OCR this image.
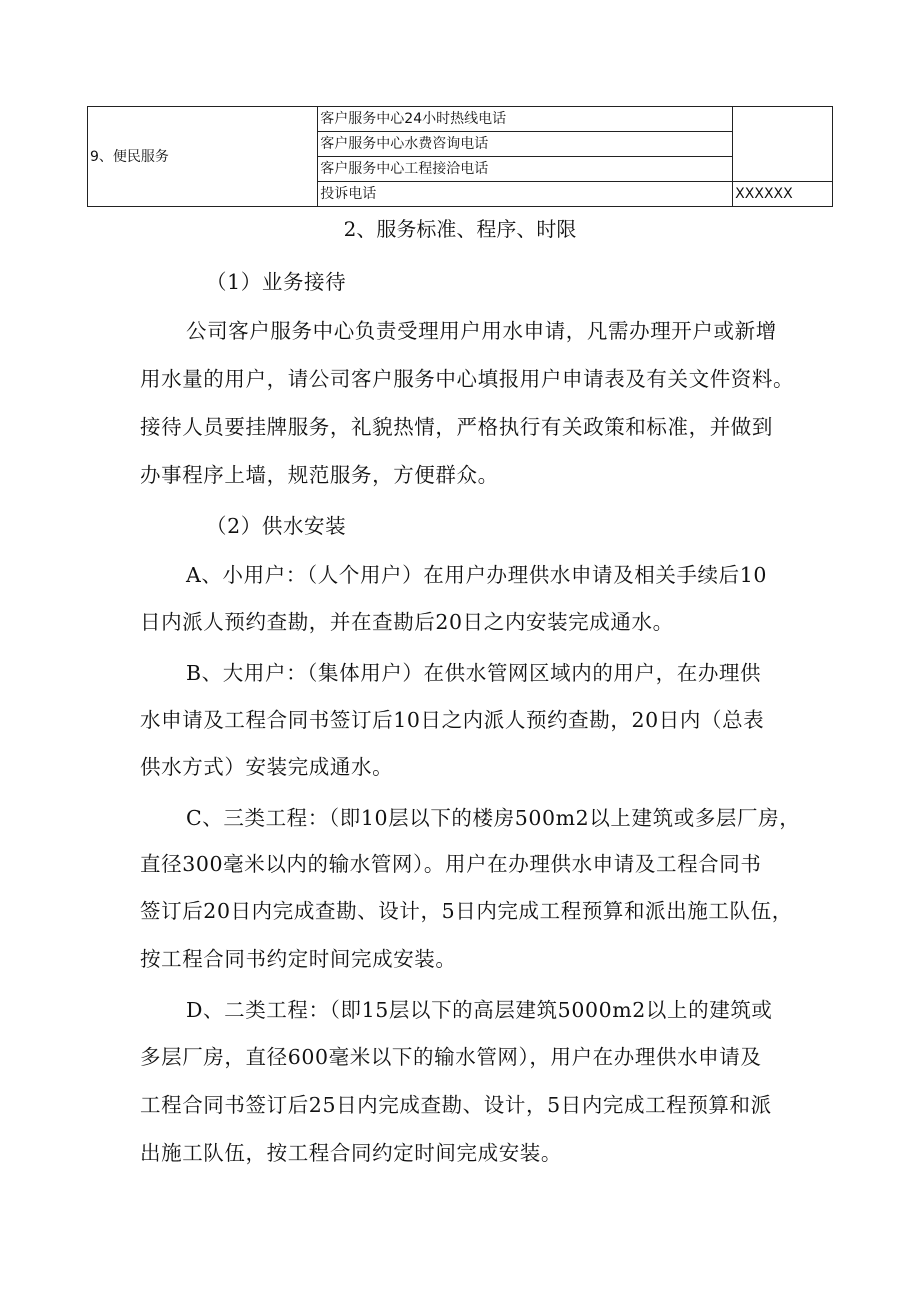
9、便民服务	客户服务中心24小时热线电话	
	客户服务中心水费咨询电话	
	客户服务中心工程接洽电话	
	投诉电话	XXXXXX
2、服务标准、程序、时限
（1）业务接待
公司客户服务中心负责受理用户用水申请，凡需办理开户或新增
用水量的用户，请公司客户服务中心填报用户申请表及有关文件资料。
接待人员要挂牌服务，礼貌热情，严格执行有关政策和标准，并做到
办事程序上墙，规范服务，方便群众。
（2）供水安装
A、小用户：（人个用户）在用户办理供水申请及相关手续后10
日内派人预约查勘，并在查勘后20日之内安装完成通水。
B、大用户：（集体用户）在供水管网区域内的用户，在办理供
水申请及工程合同书签订后10日之内派人预约查勘，20日内（总表
供水方式）安装完成通水。
C、三类工程：（即10层以下的楼房500m2以上建筑或多层厂房，
直径300毫米以内的输水管网）。用户在办理供水申请及工程合同书
签订后20日内完成查勘、设计，5日内完成工程预算和派出施工队伍，
按工程合同书约定时间完成安装。
D、二类工程：（即15层以下的高层建筑5000m2以上的建筑或
多层厂房，直径600毫米以下的输水管网），用户在办理供水申请及
工程合同书签订后25日内完成查勘、设计，5日内完成工程预算和派
出施工队伍，按工程合同约定时间完成安装。
